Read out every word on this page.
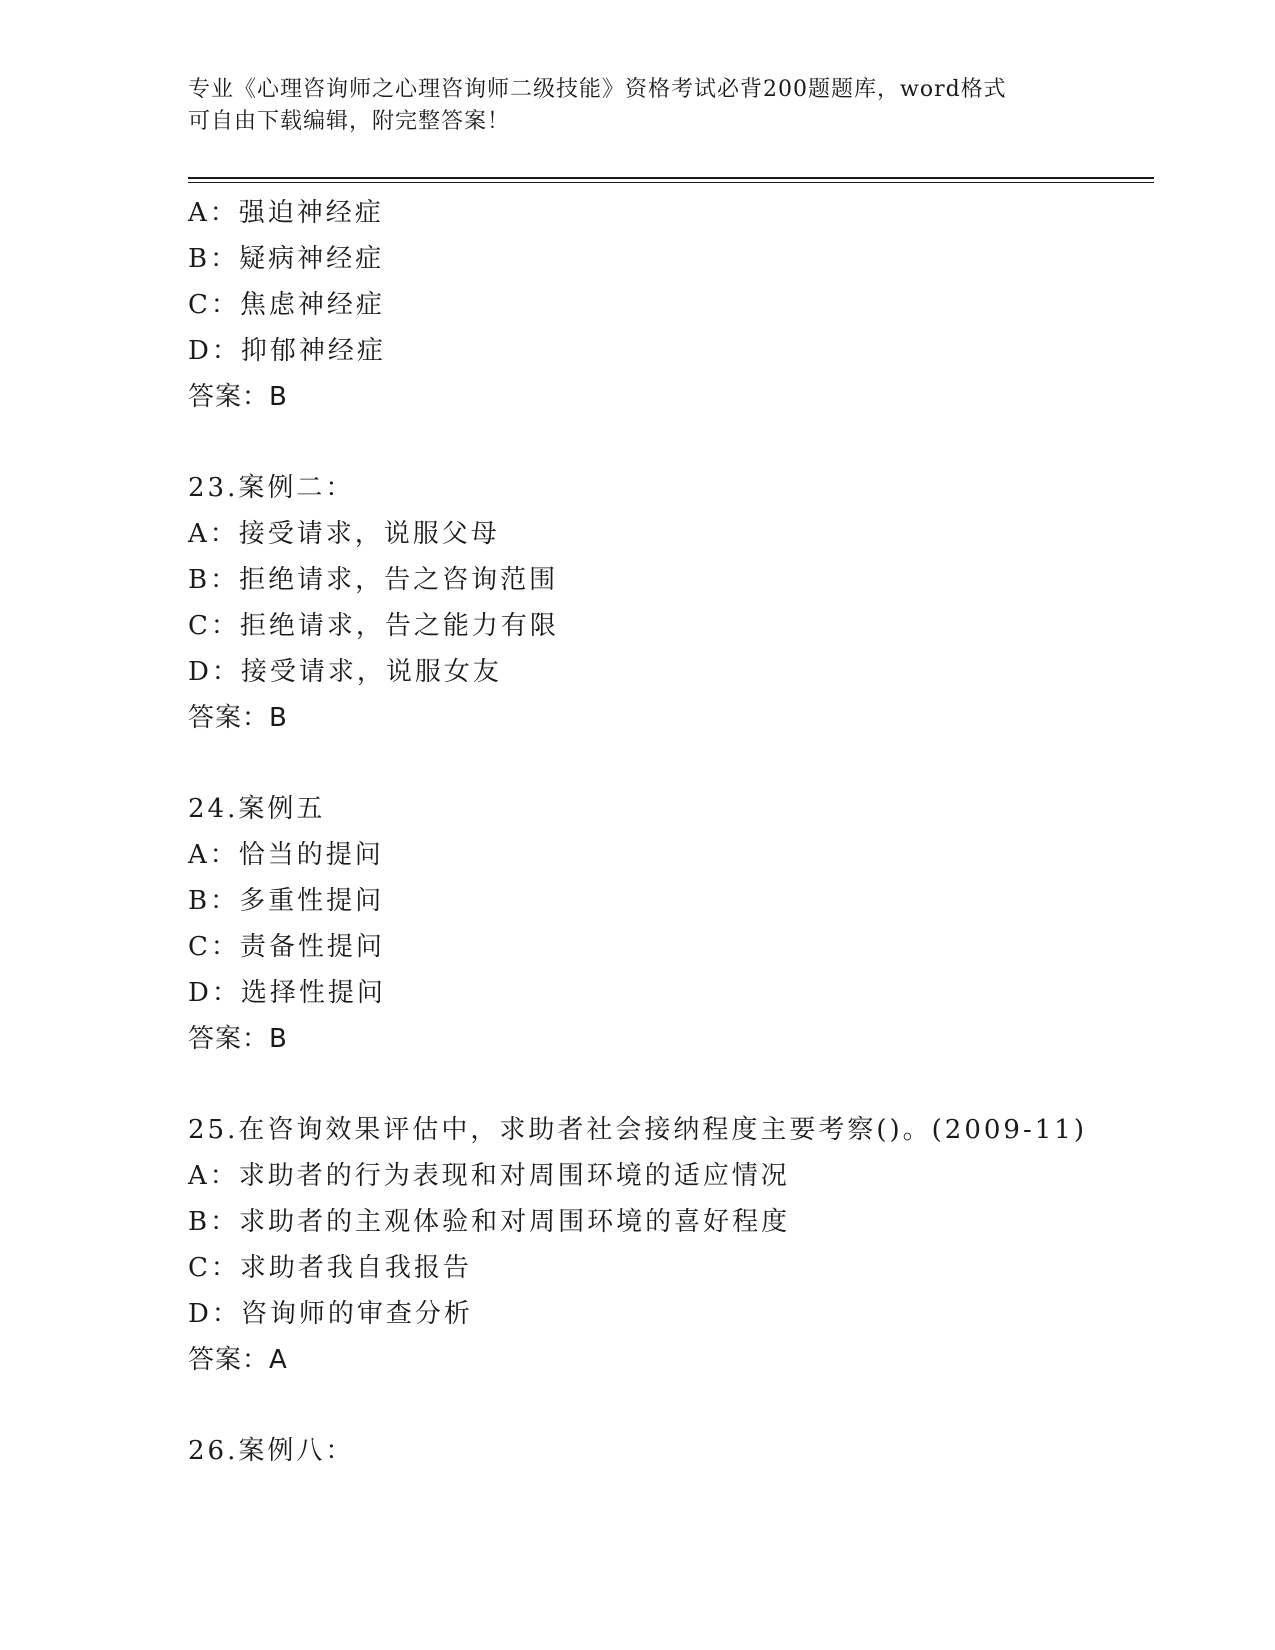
专业《心理咨询师之心理咨询师二级技能》资格考试必背200题题库，word格式
可自由下载编辑，附完整答案！
A：强迫神经症
B：疑病神经症
C：焦虑神经症
D：抑郁神经症
答案：B
23.案例二：
A：接受请求，说服父母
B：拒绝请求，告之咨询范围
C：拒绝请求，告之能力有限
D：接受请求，说服女友
答案：B
24.案例五
A：恰当的提问
B：多重性提问
C：责备性提问
D：选择性提问
答案：B
25.在咨询效果评估中，求助者社会接纳程度主要考察()。(2009-11)
A：求助者的行为表现和对周围环境的适应情况
B：求助者的主观体验和对周围环境的喜好程度
C：求助者我自我报告
D：咨询师的审查分析
答案：A
26.案例八：
